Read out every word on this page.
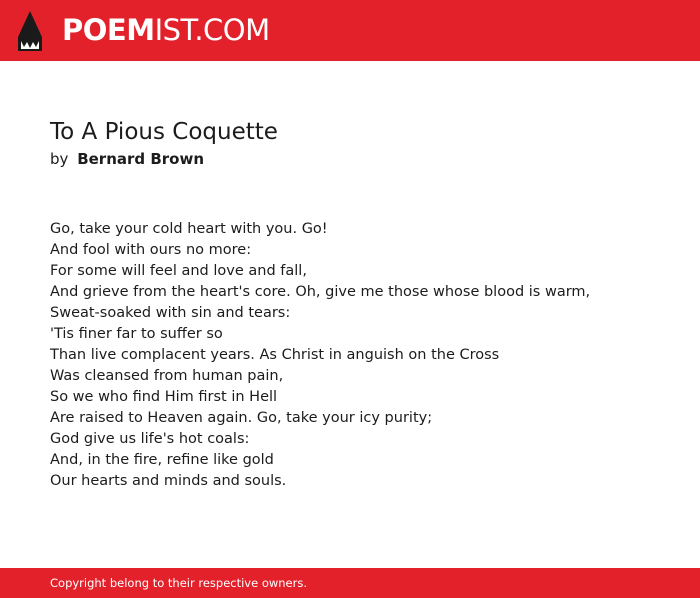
POEMIST.COM
To A Pious Coquette
by Bernard Brown
Go, take your cold heart with you. Go!
And fool with ours no more:
For some will feel and love and fall,
And grieve from the heart's core. Oh, give me those whose blood is warm,
Sweat-soaked with sin and tears:
'Tis finer far to suffer so
Than live complacent years. As Christ in anguish on the Cross
Was cleansed from human pain,
So we who find Him first in Hell
Are raised to Heaven again. Go, take your icy purity;
God give us life's hot coals:
And, in the fire, refine like gold
Our hearts and minds and souls.
Copyright belong to their respective owners.
